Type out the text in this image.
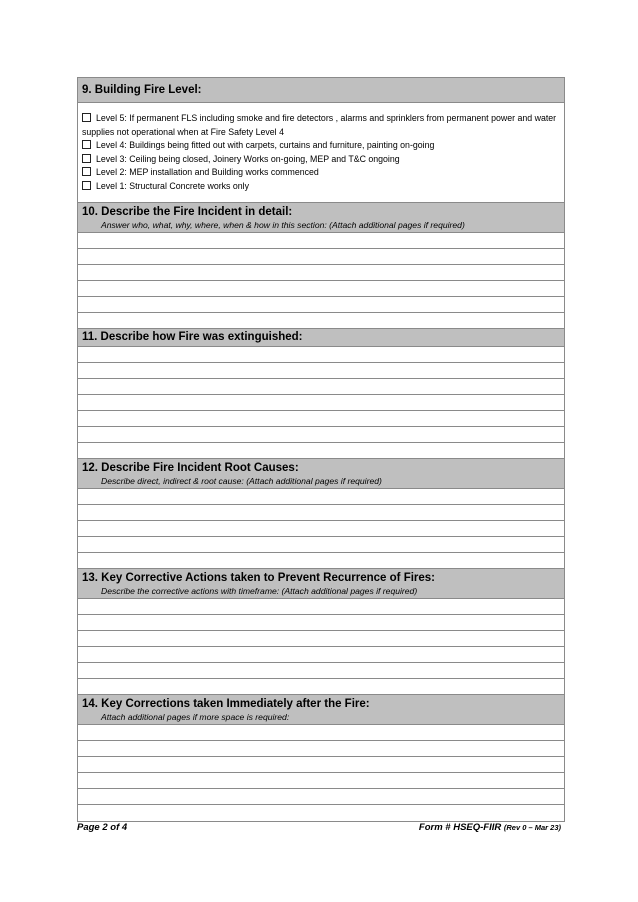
9. Building Fire Level:
Level 5: If permanent FLS including smoke and fire detectors , alarms and sprinklers from permanent power and water supplies not operational when at Fire Safety Level 4
Level 4: Buildings being fitted out with carpets, curtains and furniture, painting on-going
Level 3: Ceiling being closed, Joinery Works on-going, MEP and T&C ongoing
Level 2: MEP installation and Building works commenced
Level 1: Structural Concrete works only
10. Describe the Fire Incident in detail:
Answer who, what, why, where, when & how in this section: (Attach additional pages if required)
11. Describe how Fire was extinguished:
12. Describe Fire Incident Root Causes:
Describe direct, indirect & root cause: (Attach additional pages if required)
13. Key Corrective Actions taken to Prevent Recurrence of Fires:
Describe the corrective actions with timeframe: (Attach additional pages if required)
14. Key Corrections taken Immediately after the Fire:
Attach additional pages if more space is required:
Page 2 of 4	Form # HSEQ-FIIR (Rev 0 – Mar 23)
